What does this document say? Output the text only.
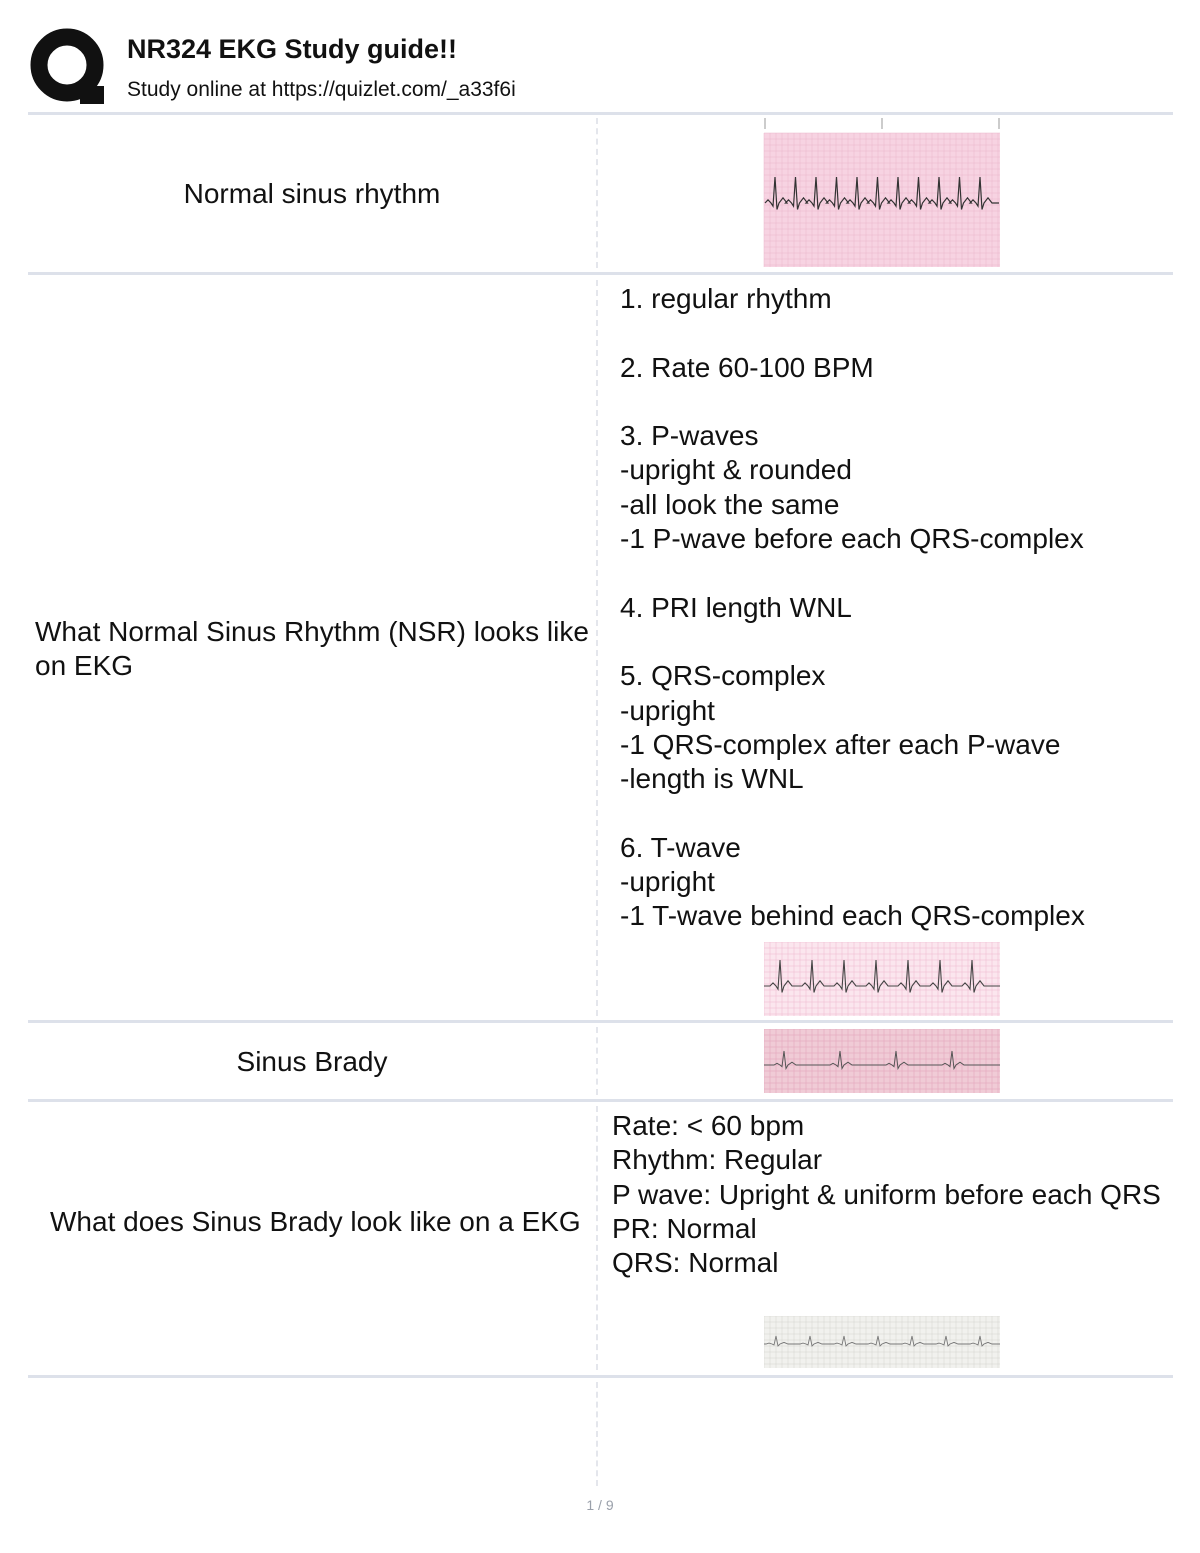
NR324 EKG Study guide!!
Study online at https://quizlet.com/_a33f6i
Normal sinus rhythm
What Normal Sinus Rhythm (NSR) looks like on EKG
1. regular rhythm

2. Rate 60-100 BPM

3. P-waves
-upright & rounded
-all look the same
-1 P-wave before each QRS-complex

4. PRI length WNL

5. QRS-complex
-upright
-1 QRS-complex after each P-wave
-length is WNL

6. T-wave
-upright
-1 T-wave behind each QRS-complex
Sinus Brady
What does Sinus Brady look like on a EKG
Rate: < 60 bpm
Rhythm: Regular
P wave: Upright & uniform before each QRS
PR: Normal
QRS: Normal
1 / 9
